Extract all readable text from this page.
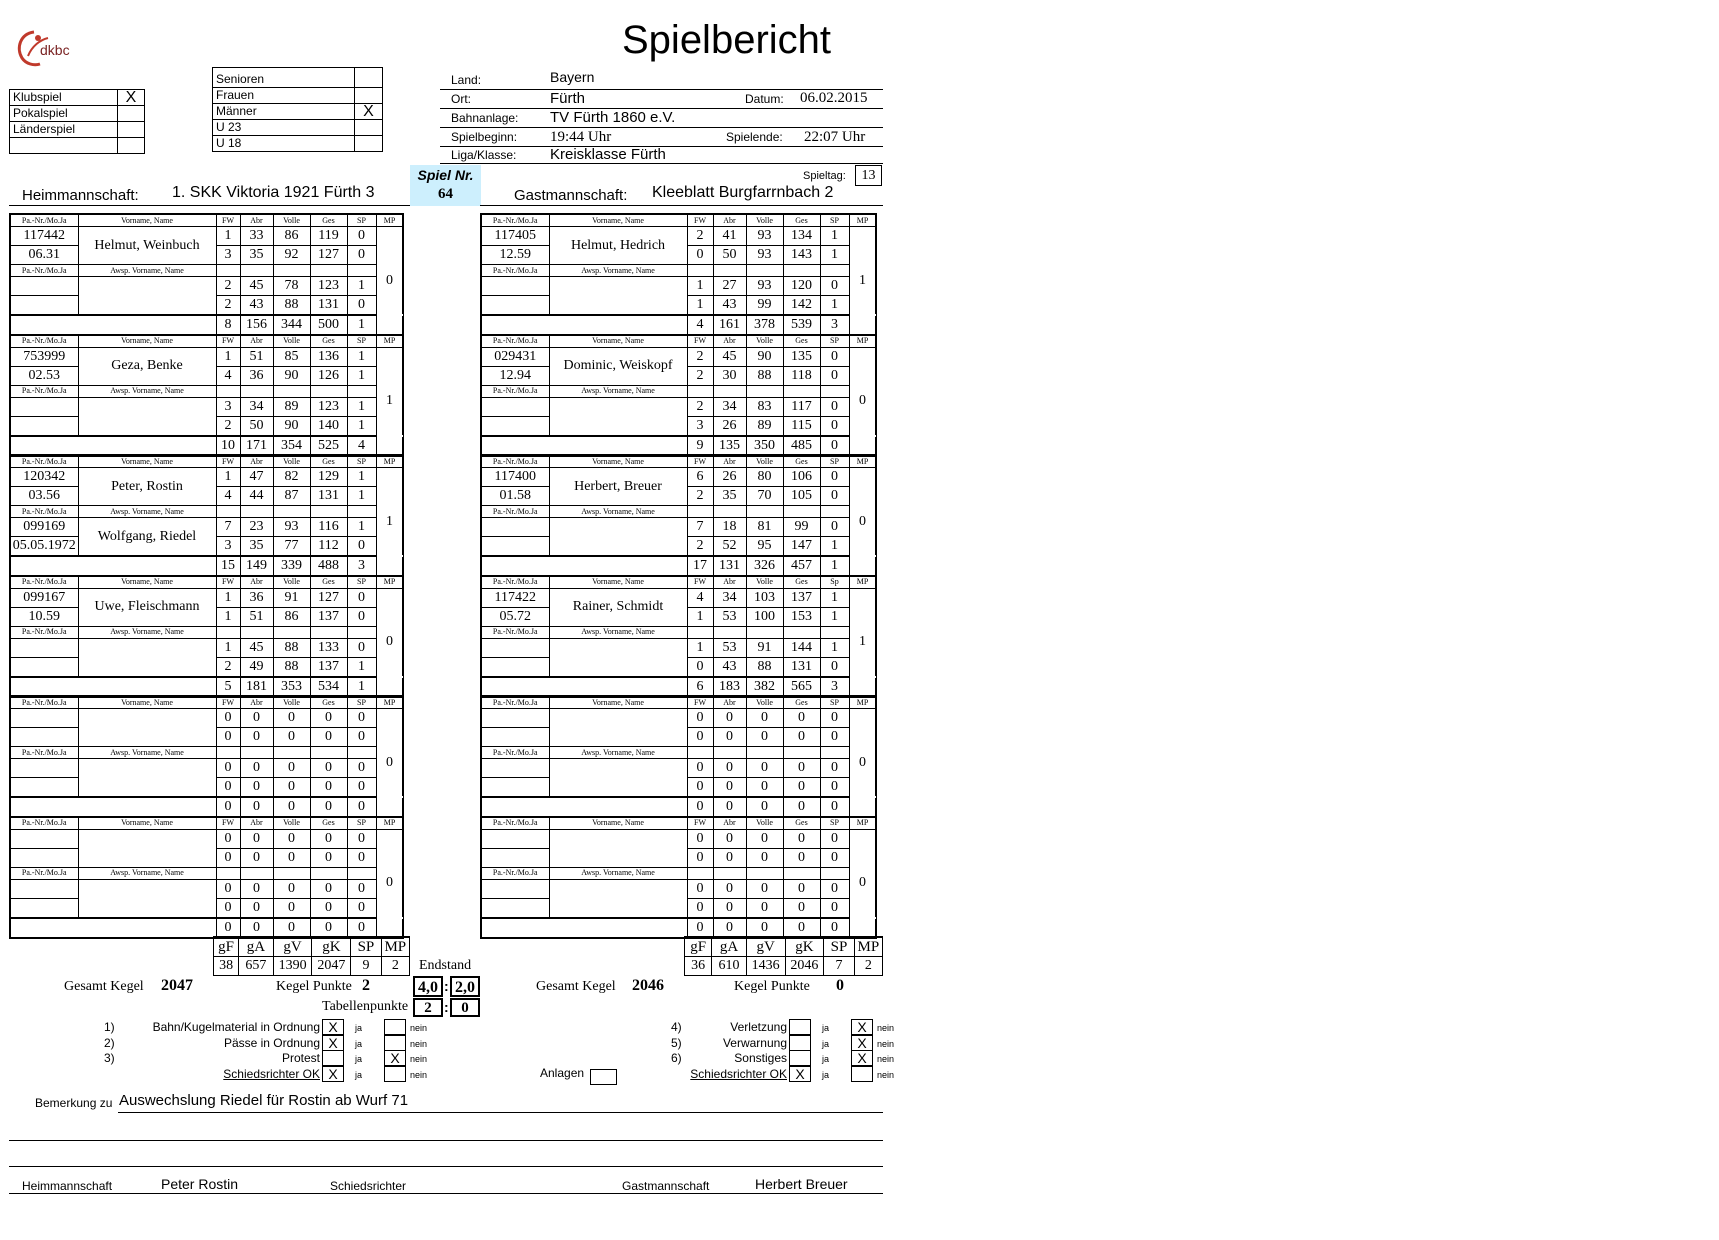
dkbc	Spielbericht
Klubspiel	X
Pokalspiel	
Länderspiel	

Senioren	
Frauen	
Männer	X
U 23	
U 18	
Land:	Bayern
Ort:	Fürth	Datum: 06.02.2015
Bahnanlage: TV Fürth 1860 e.V.
Spielbeginn: 19:44 Uhr	Spielende: 22:07 Uhr
Liga/Klasse: Kreisklasse Fürth
Spieltag:	13
Spiel Nr.
64
Heimmannschaft: 1. SKK Viktoria 1921 Fürth 3	Gastmannschaft: Kleeblatt Burgfarrnbach 2
Pa.-Nr./Mo.Ja	Vorname, Name	FW	Abr	Volle	Ges	SP	MP	
117442	Helmut, Weinbuch	1	33	86	119	0	0	
06.31		3	35	92	127	0		
Pa.-Nr./Mo.Ja	Awsp. Vorname, Name							
		2	45	78	123	1		
		2	43	88	131	0		
		8	156	344	500	1		
Pa.-Nr./Mo.Ja	Vorname, Name	FW	Abr	Volle	Ges	SP	MP	
753999	Geza, Benke	1	51	85	136	1	1	
02.53		4	36	90	126	1		
Pa.-Nr./Mo.Ja	Awsp. Vorname, Name							
		3	34	89	123	1		
		2	50	90	140	1		
		10	171	354	525	4		
Pa.-Nr./Mo.Ja	Vorname, Name	FW	Abr	Volle	Ges	SP	MP	
120342	Peter, Rostin	1	47	82	129	1	1	
03.56		4	44	87	131	1		
Pa.-Nr./Mo.Ja	Awsp. Vorname, Name							
099169	Wolfgang, Riedel	7	23	93	116	1		
05.05.1972		3	35	77	112	0		
		15	149	339	488	3		
Pa.-Nr./Mo.Ja	Vorname, Name	FW	Abr	Volle	Ges	SP	MP	
099167	Uwe, Fleischmann	1	36	91	127	0	0	
10.59		1	51	86	137	0		
Pa.-Nr./Mo.Ja	Awsp. Vorname, Name							
		1	45	88	133	0		
		2	49	88	137	1		
		5	181	353	534	1		
Pa.-Nr./Mo.Ja	Vorname, Name	FW	Abr	Volle	Ges	SP	MP	
		0	0	0	0	0	0	
		0	0	0	0	0		
Pa.-Nr./Mo.Ja	Awsp. Vorname, Name							
		0	0	0	0	0		
		0	0	0	0	0		
		0	0	0	0	0		
Pa.-Nr./Mo.Ja	Vorname, Name	FW	Abr	Volle	Ges	SP	MP	
		0	0	0	0	0	0	
		0	0	0	0	0		
Pa.-Nr./Mo.Ja	Awsp. Vorname, Name							
		0	0	0	0	0		
		0	0	0	0	0		
		0	0	0	0	0		
Pa.-Nr./Mo.Ja	Vorname, Name	FW	Abr	Volle	Ges	SP	MP	
117405	Helmut, Hedrich	2	41	93	134	1	1	
12.59		0	50	93	143	1		
Pa.-Nr./Mo.Ja	Awsp. Vorname, Name							
		1	27	93	120	0		
		1	43	99	142	1		
		4	161	378	539	3		
Pa.-Nr./Mo.Ja	Vorname, Name	FW	Abr	Volle	Ges	SP	MP	
029431	Dominic, Weiskopf	2	45	90	135	0	0	
12.94		2	30	88	118	0		
Pa.-Nr./Mo.Ja	Awsp. Vorname, Name							
		2	34	83	117	0		
		3	26	89	115	0		
		9	135	350	485	0		
Pa.-Nr./Mo.Ja	Vorname, Name	FW	Abr	Volle	Ges	SP	MP	
117400	Herbert, Breuer	6	26	80	106	0	0	
01.58		2	35	70	105	0		
Pa.-Nr./Mo.Ja	Awsp. Vorname, Name							
		7	18	81	99	0		
		2	52	95	147	1		
		17	131	326	457	1		
Pa.-Nr./Mo.Ja	Vorname, Name	FW	Abr	Volle	Ges	Sp	MP	
117422	Rainer, Schmidt	4	34	103	137	1	1	
05.72		1	53	100	153	1		
Pa.-Nr./Mo.Ja	Awsp. Vorname, Name							
		1	53	91	144	1		
		0	43	88	131	0		
		6	183	382	565	3		
Pa.-Nr./Mo.Ja	Vorname, Name	FW	Abr	Volle	Ges	SP	MP	
		0	0	0	0	0	0	
		0	0	0	0	0		
Pa.-Nr./Mo.Ja	Awsp. Vorname, Name							
		0	0	0	0	0		
		0	0	0	0	0		
		0	0	0	0	0		
Pa.-Nr./Mo.Ja	Vorname, Name	FW	Abr	Volle	Ges	SP	MP	
		0	0	0	0	0	0	
		0	0	0	0	0		
Pa.-Nr./Mo.Ja	Awsp. Vorname, Name							
		0	0	0	0	0		
		0	0	0	0	0		
		0	0	0	0	0		
gF	gA	gV	gK	SP	MP
38	657	1390	2047	9	2
gF	gA	gV	gK	SP	MP
36	610	1436	2046	7	2
Endstand
Gesamt Kegel 2047	Kegel Punkte 2	4,0 : 2,0	Gesamt Kegel 2046	Kegel Punkte 0
Tabellenpunkte	2 : 0
1)	Bahn/Kugelmaterial in Ordnung X	ja	nein
2)	Pässe in Ordnung X	ja	nein
3)	Protest	ja	X	nein
Schiedsrichter OK X	ja	nein
4)	Verletzung	ja	X	nein
5)	Verwarnung	ja	X	nein
6)	Sonstiges	ja	X	nein
Schiedsrichter OK X	ja	nein
Anlagen
Bemerkung zu Auswechslung Riedel für Rostin ab Wurf 71
Heimmannschaft	Peter Rostin	Schiedsrichter	Gastmannschaft	Herbert Breuer
